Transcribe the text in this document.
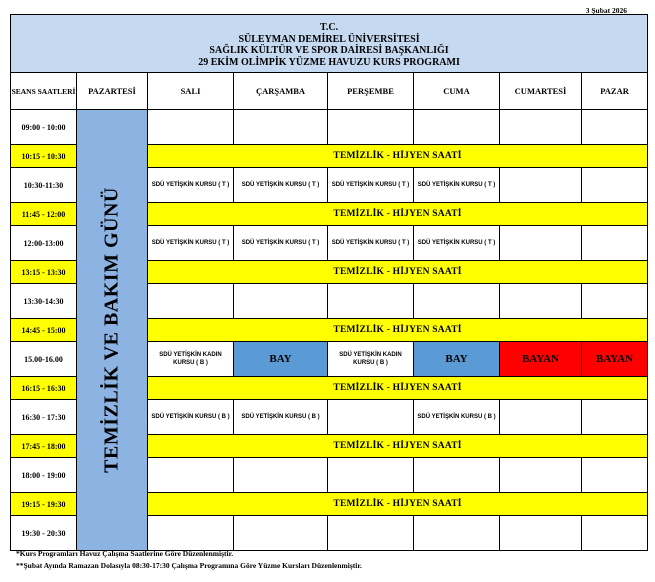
3 Şubat 2026
T.C.
SÜLEYMAN DEMİREL ÜNİVERSİTESİ
SAĞLIK KÜLTÜR VE SPOR DAİRESİ BAŞKANLIĞI
29 EKİM OLİMPİK YÜZME HAVUZU KURS PROGRAMI							

SEANS SAATLERİ	PAZARTESİ	SALI	ÇARŞAMBA	PERŞEMBE	CUMA	CUMARTESİ	PAZAR
09:00 - 10:00	TEMİZLİK VE BAKIM GÜNÜ						

10:15 - 10:30		TEMİZLİK - HİJYEN SAATİ					
10:30-11:30		SDÜ YETİŞKİN KURSU ( T )	SDÜ YETİŞKİN KURSU ( T )	SDÜ YETİŞKİN KURSU ( T )	SDÜ YETİŞKİN KURSU ( T )		
11:45 - 12:00		TEMİZLİK - HİJYEN SAATİ					
12:00-13:00		SDÜ YETİŞKİN KURSU ( T )	SDÜ YETİŞKİN KURSU ( T )	SDÜ YETİŞKİN KURSU ( T )	SDÜ YETİŞKİN KURSU ( T )		
13:15 - 13:30		TEMİZLİK - HİJYEN SAATİ					
13:30-14:30							
14:45 - 15:00		TEMİZLİK - HİJYEN SAATİ					
15.00-16.00		SDÜ YETİŞKİN KADIN KURSU ( B )	BAY	SDÜ YETİŞKİN KADIN KURSU ( B )	BAY	BAYAN	BAYAN
16:15 - 16:30		TEMİZLİK - HİJYEN SAATİ					
16:30 - 17:30		SDÜ YETİŞKİN KURSU ( B )	SDÜ YETİŞKİN KURSU ( B )		SDÜ YETİŞKİN KURSU ( B )		
17:45 - 18:00		TEMİZLİK - HİJYEN SAATİ					
18:00 - 19:00							
19:15 - 19:30		TEMİZLİK - HİJYEN SAATİ					
19:30 - 20:30							
*Kurs Programları Havuz Çalışma Saatlerine Göre Düzenlenmiştir.
**Şubat Ayında Ramazan Dolasıyla 08:30-17:30 Çalışma Programına Göre Yüzme Kursları Düzenlenmiştir.
